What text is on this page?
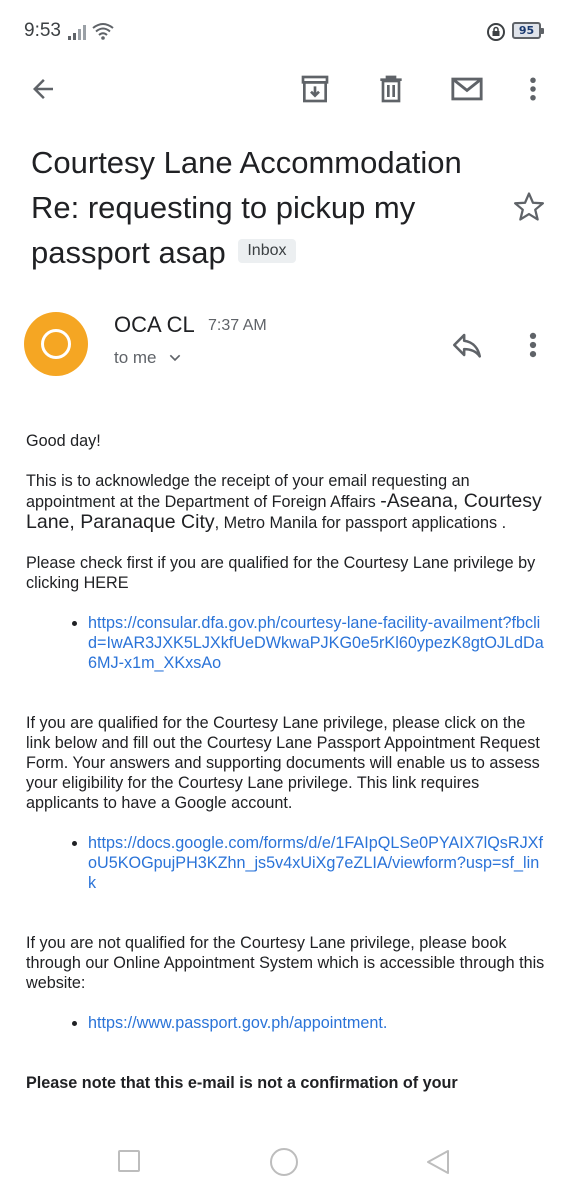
9:53	95
Courtesy Lane Accommodation Re: requesting to pickup my passport asap Inbox
OCA CL 7:37 AM
to me

Good day!

This is to acknowledge the receipt of your email requesting an appointment at the Department of Foreign Affairs -Aseana, Courtesy Lane, Paranaque City, Metro Manila for passport applications .

Please check first if you are qualified for the Courtesy Lane privilege by clicking HERE

https://consular.dfa.gov.ph/courtesy-lane-facility-availment?fbclid=IwAR3JXK5LJXkfUeDWkwaPJKG0e5rKl60ypezK8gtOJLdDa6MJ-x1m_XKxsAo

If you are qualified for the Courtesy Lane privilege, please click on the link below and fill out the Courtesy Lane Passport Appointment Request Form. Your answers and supporting documents will enable us to assess your eligibility for the Courtesy Lane privilege. This link requires applicants to have a Google account.

https://docs.google.com/forms/d/e/1FAIpQLSe0PYAIX7lQsRJXfoU5KOGpujPH3KZhn_js5v4xUiXg7eZLIA/viewform?usp=sf_link

If you are not qualified for the Courtesy Lane privilege, please book through our Online Appointment System which is accessible through this website:

https://www.passport.gov.ph/appointment.

Please note that this e-mail is not a confirmation of your
